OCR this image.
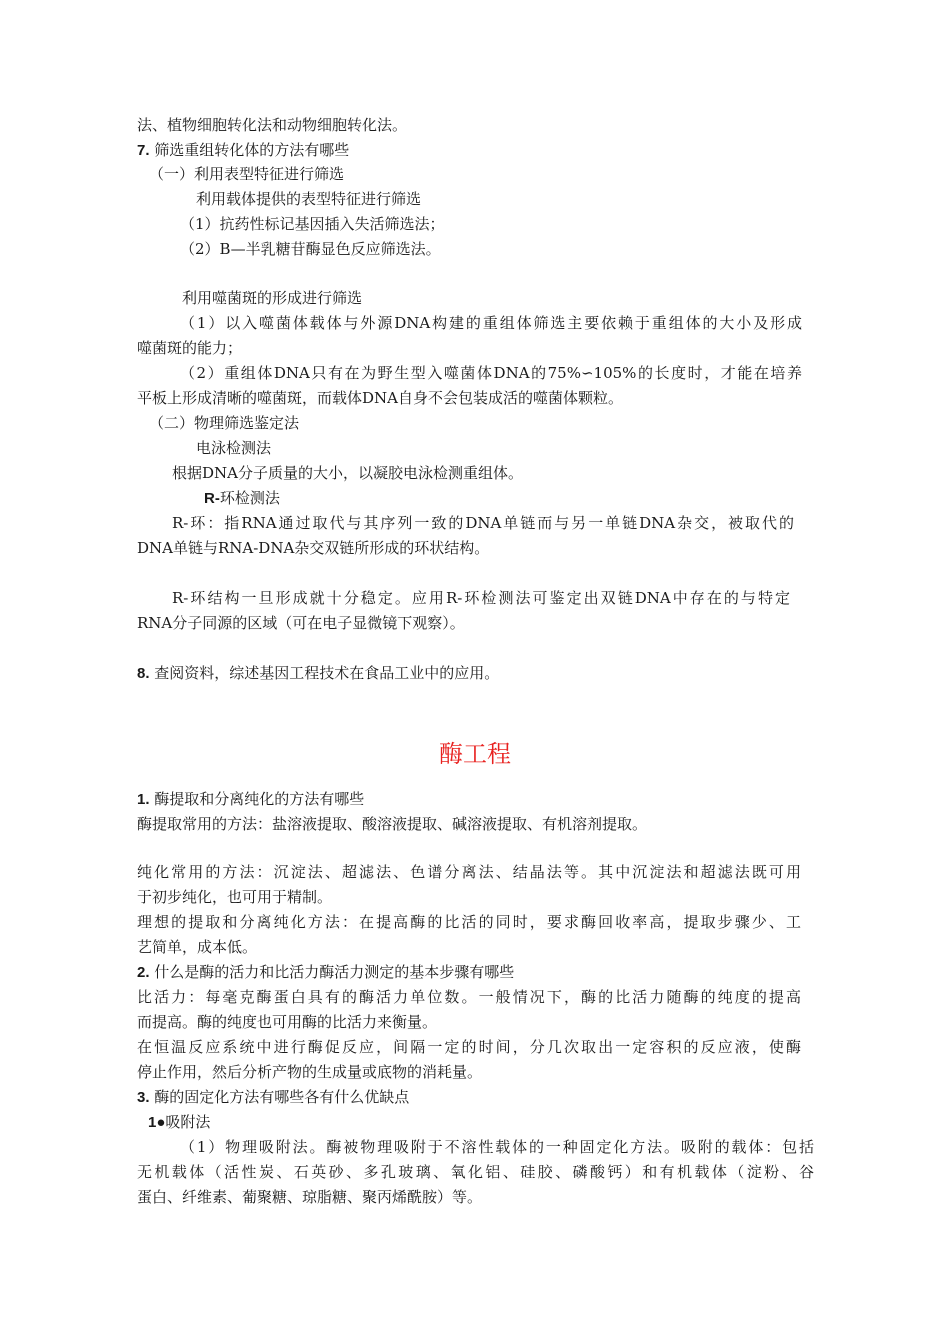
法、植物细胞转化法和动物细胞转化法。
7. 筛选重组转化体的方法有哪些
（一）利用表型特征进行筛选
利用载体提供的表型特征进行筛选
（1）抗药性标记基因插入失活筛选法；
（2）B—半乳糖苷酶显色反应筛选法。
利用噬菌斑的形成进行筛选
（1）以入噬菌体载体与外源DNA构建的重组体筛选主要依赖于重组体的大小及形成
噬菌斑的能力；
（2）重组体DNA只有在为野生型入噬菌体DNA的75%∽105%的长度时，才能在培养
平板上形成清晰的噬菌斑，而载体DNA自身不会包装成活的噬菌体颗粒。
（二）物理筛选鉴定法
电泳检测法
根据DNA分子质量的大小，以凝胶电泳检测重组体。
R-环检测法
R-环：指RNA通过取代与其序列一致的DNA单链而与另一单链DNA杂交，被取代的
DNA单链与RNA-DNA杂交双链所形成的环状结构。
R-环结构一旦形成就十分稳定。应用R-环检测法可鉴定出双链DNA中存在的与特定
RNA分子同源的区域（可在电子显微镜下观察）。
8. 查阅资料，综述基因工程技术在食品工业中的应用。
酶工程
1. 酶提取和分离纯化的方法有哪些
酶提取常用的方法：盐溶液提取、酸溶液提取、碱溶液提取、有机溶剂提取。
纯化常用的方法：沉淀法、超滤法、色谱分离法、结晶法等。其中沉淀法和超滤法既可用
于初步纯化，也可用于精制。
理想的提取和分离纯化方法：在提高酶的比活的同时，要求酶回收率高，提取步骤少、工
艺简单，成本低。
2. 什么是酶的活力和比活力酶活力测定的基本步骤有哪些
比活力：每毫克酶蛋白具有的酶活力单位数。一般情况下，酶的比活力随酶的纯度的提高
而提高。酶的纯度也可用酶的比活力来衡量。
在恒温反应系统中进行酶促反应，间隔一定的时间，分几次取出一定容积的反应液，使酶
停止作用，然后分析产物的生成量或底物的消耗量。
3. 酶的固定化方法有哪些各有什么优缺点
1●吸附法
（1）物理吸附法。酶被物理吸附于不溶性载体的一种固定化方法。吸附的载体：包括
无机载体（活性炭、石英砂、多孔玻璃、氧化铝、硅胶、磷酸钙）和有机载体（淀粉、谷
蛋白、纤维素、葡聚糖、琼脂糖、聚丙烯酰胺）等。
